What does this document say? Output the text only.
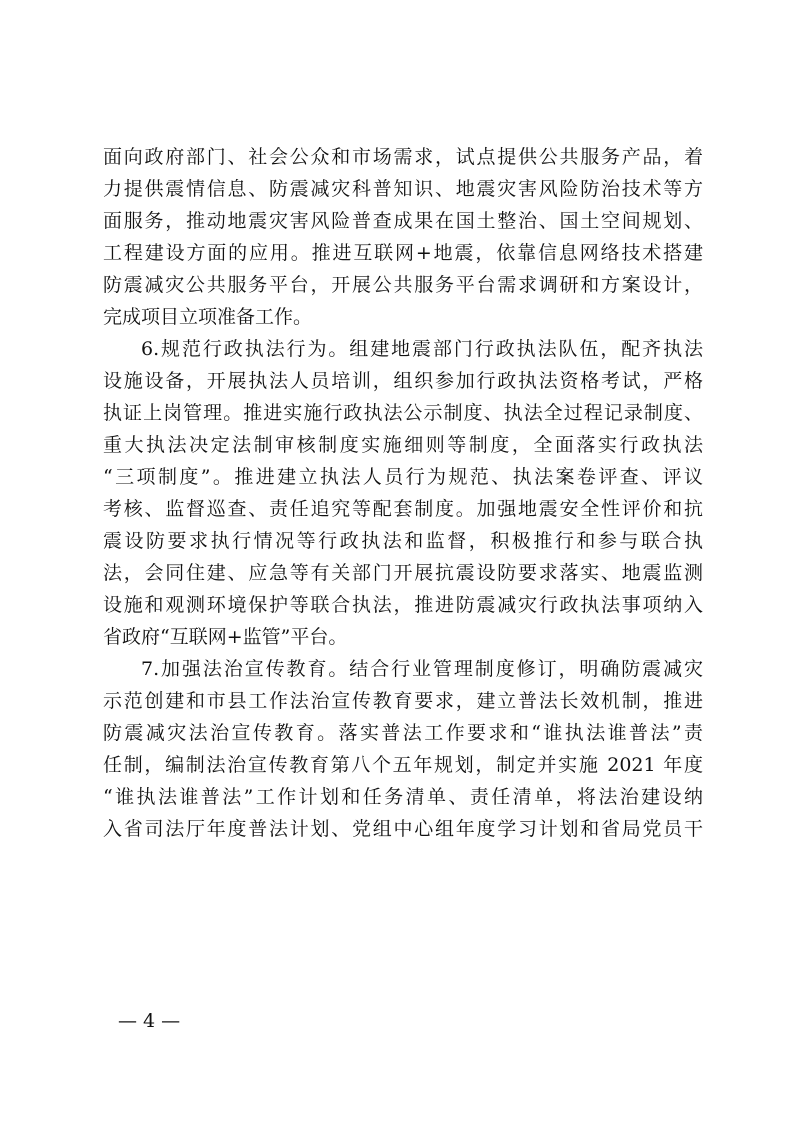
面向政府部门、社会公众和市场需求，试点提供公共服务产品，着
力提供震情信息、防震减灾科普知识、地震灾害风险防治技术等方
面服务，推动地震灾害风险普查成果在国土整治、国土空间规划、
工程建设方面的应用。推进互联网+地震，依靠信息网络技术搭建
防震减灾公共服务平台，开展公共服务平台需求调研和方案设计，
完成项目立项准备工作。
6.规范行政执法行为。组建地震部门行政执法队伍，配齐执法
设施设备，开展执法人员培训，组织参加行政执法资格考试，严格
执证上岗管理。推进实施行政执法公示制度、执法全过程记录制度、
重大执法决定法制审核制度实施细则等制度，全面落实行政执法
“三项制度”。推进建立执法人员行为规范、执法案卷评查、评议
考核、监督巡查、责任追究等配套制度。加强地震安全性评价和抗
震设防要求执行情况等行政执法和监督，积极推行和参与联合执
法，会同住建、应急等有关部门开展抗震设防要求落实、地震监测
设施和观测环境保护等联合执法，推进防震减灾行政执法事项纳入
省政府“互联网+监管”平台。
7.加强法治宣传教育。结合行业管理制度修订，明确防震减灾
示范创建和市县工作法治宣传教育要求，建立普法长效机制，推进
防震减灾法治宣传教育。落实普法工作要求和“谁执法谁普法”责
任制，编制法治宣传教育第八个五年规划，制定并实施 2021 年度
“谁执法谁普法”工作计划和任务清单、责任清单，将法治建设纳
入省司法厅年度普法计划、党组中心组年度学习计划和省局党员干
— 4 —
